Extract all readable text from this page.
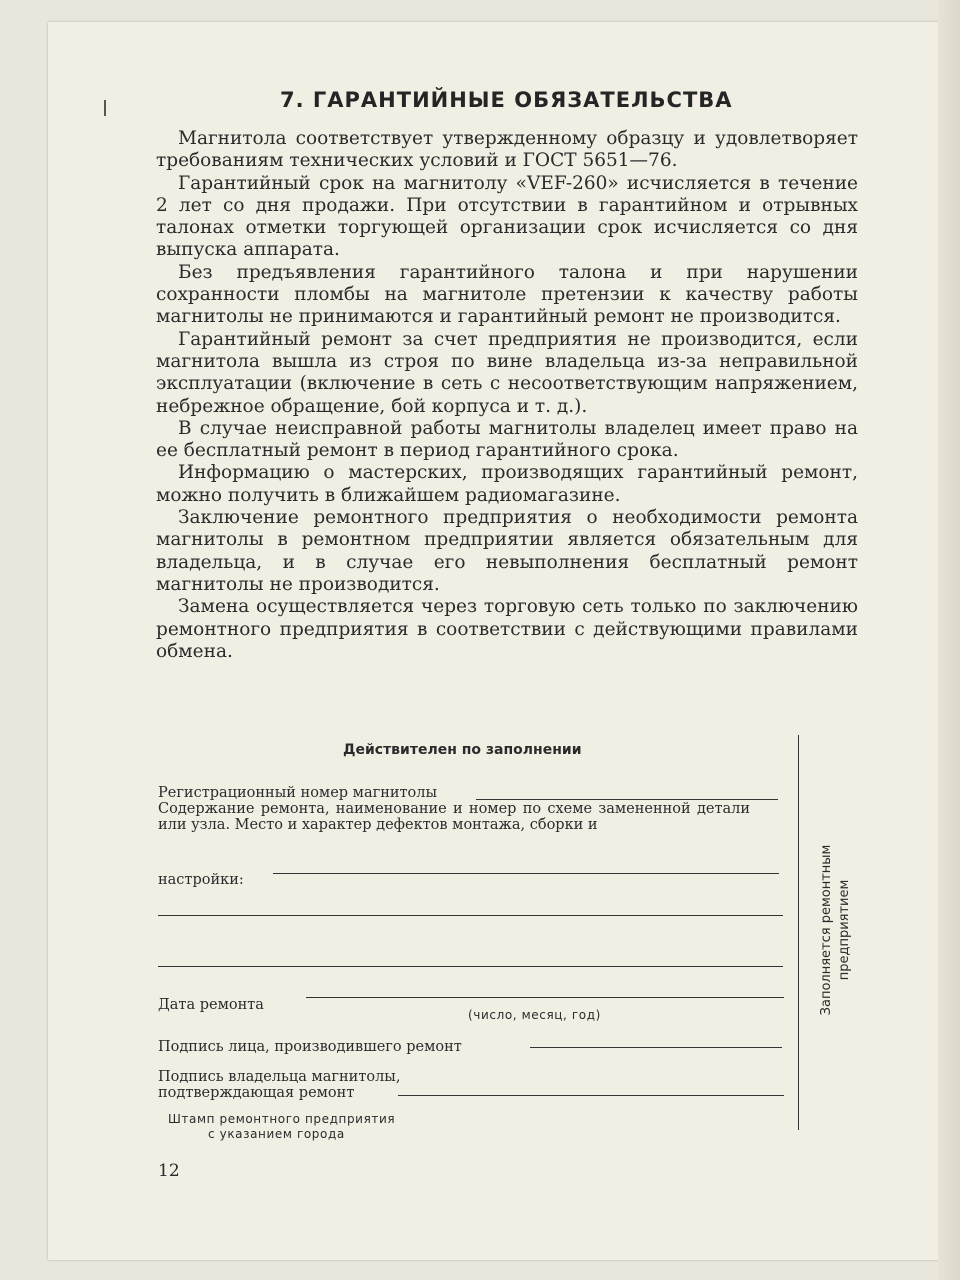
7. ГАРАНТИЙНЫЕ ОБЯЗАТЕЛЬСТВА

Магнитола соответствует утвержденному образцу и удовлетворяет требованиям технических условий и ГОСТ 5651—76.

Гарантийный срок на магнитолу «VEF-260» исчисляется в течение 2 лет со дня продажи. При отсутствии в гарантийном и отрывных талонах отметки торгующей организации срок исчисляется со дня выпуска аппарата.

Без предъявления гарантийного талона и при нарушении сохранности пломбы на магнитоле претензии к качеству работы магнитолы не принимаются и гарантийный ремонт не производится.

Гарантийный ремонт за счет предприятия не производится, если магнитола вышла из строя по вине владельца из-за неправильной эксплуатации (включение в сеть с несоответствующим напряжением, небрежное обращение, бой корпуса и т. д.).

В случае неисправной работы магнитолы владелец имеет право на ее бесплатный ремонт в период гарантийного срока.

Информацию о мастерских, производящих гарантийный ремонт, можно получить в ближайшем радиомагазине.

Заключение ремонтного предприятия о необходимости ремонта магнитолы в ремонтном предприятии является обязательным для владельца, и в случае его невыполнения бесплатный ремонт магнитолы не производится.

Замена осуществляется через торговую сеть только по заключению ремонтного предприятия в соответствии с действующими правилами обмена.

Действителен по заполнении
Регистрационный номер магнитолы
Содержание ремонта, наименование и номер по схеме замененной детали или узла. Место и характер дефектов монтажа, сборки и
настройки:
Дата ремонта
(число, месяц, год)
Подпись лица, производившего ремонт
Подпись владельца магнитолы,
подтверждающая ремонт
Штамп ремонтного предприятия
с указанием города
Заполняется ремонтным предприятием
12
